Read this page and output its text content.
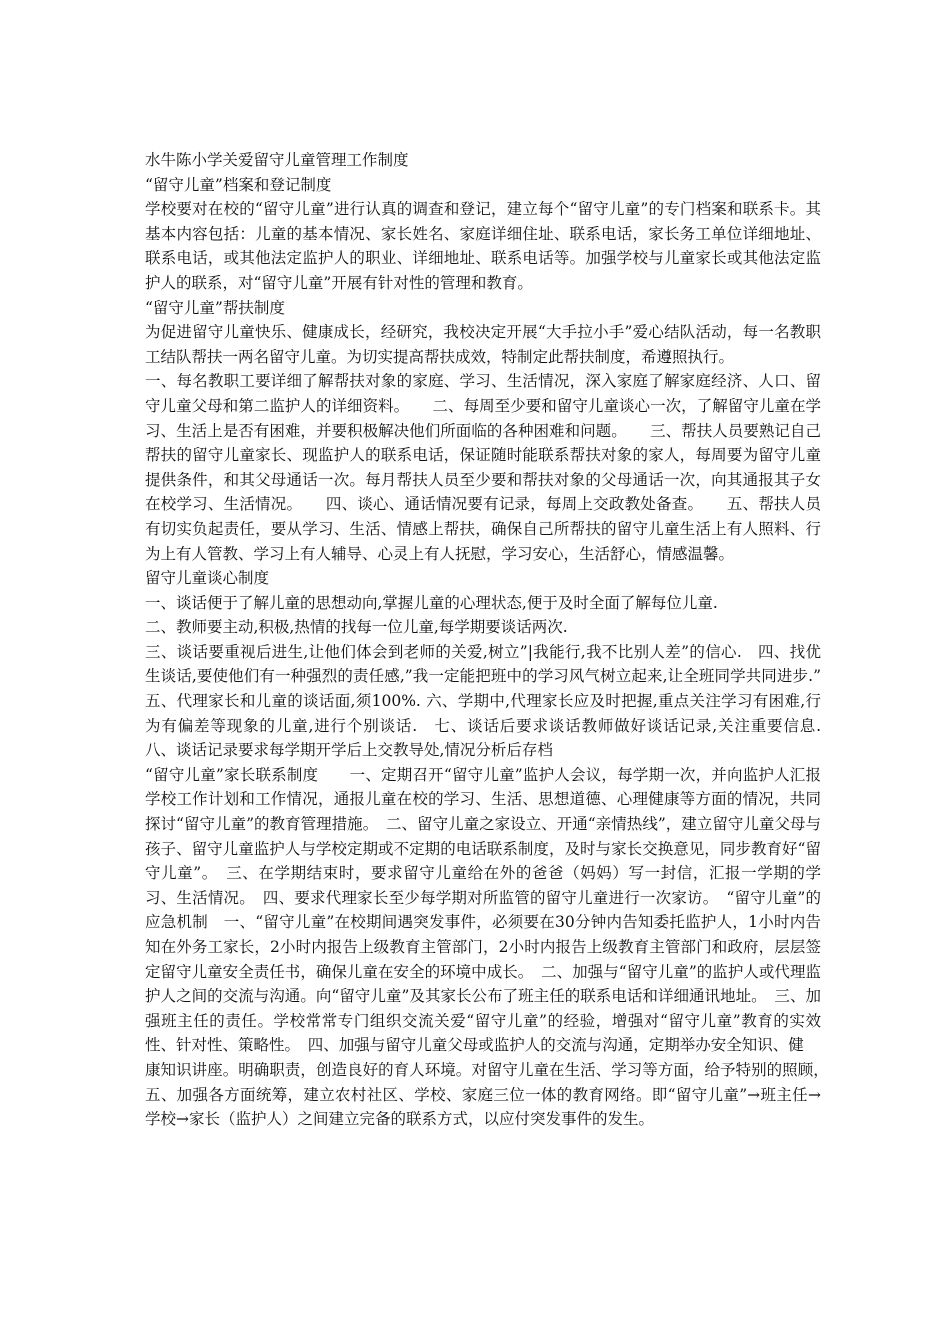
水牛陈小学关爱留守儿童管理工作制度

“留守儿童”档案和登记制度

学校要对在校的“留守儿童”进行认真的调查和登记，建立每个“留守儿童”的专门档案和联系卡。其基本内容包括：儿童的基本情况、家长姓名、家庭详细住址、联系电话，家长务工单位详细地址、联系电话，或其他法定监护人的职业、详细地址、联系电话等。加强学校与儿童家长或其他法定监护人的联系，对“留守儿童”开展有针对性的管理和教育。

“留守儿童”帮扶制度

为促进留守儿童快乐、健康成长，经研究，我校决定开展“大手拉小手”爱心结队活动，每一名教职工结队帮扶一两名留守儿童。为切实提高帮扶成效，特制定此帮扶制度，希遵照执行。

一、每名教职工要详细了解帮扶对象的家庭、学习、生活情况，深入家庭了解家庭经济、人口、留守儿童父母和第二监护人的详细资料。　　二、每周至少要和留守儿童谈心一次，了解留守儿童在学习、生活上是否有困难，并要积极解决他们所面临的各种困难和问题。　　三、帮扶人员要熟记自己帮扶的留守儿童家长、现监护人的联系电话，保证随时能联系帮扶对象的家人，每周要为留守儿童提供条件，和其父母通话一次。每月帮扶人员至少要和帮扶对象的父母通话一次，向其通报其子女在校学习、生活情况。　　四、谈心、通话情况要有记录，每周上交政教处备查。　　五、帮扶人员有切实负起责任，要从学习、生活、情感上帮扶，确保自己所帮扶的留守儿童生活上有人照料、行为上有人管教、学习上有人辅导、心灵上有人抚慰，学习安心，生活舒心，情感温馨。

留守儿童谈心制度

一、谈话便于了解儿童的思想动向,掌握儿童的心理状态,便于及时全面了解每位儿童.

二、教师要主动,积极,热情的找每一位儿童,每学期要谈话两次.

三、谈话要重视后进生,让他们体会到老师的关爱,树立”|我能行,我不比别人差”的信心.　四、找优生谈话,要使他们有一种强烈的责任感,”我一定能把班中的学习风气树立起来,让全班同学共同进步.”　五、代理家长和儿童的谈话面,须100%. 六、学期中,代理家长应及时把握,重点关注学习有困难,行为有偏差等现象的儿童,进行个别谈话.　七、谈话后要求谈话教师做好谈话记录,关注重要信息.　八、谈话记录要求每学期开学后上交教导处,情况分析后存档

“留守儿童”家长联系制度　　一、定期召开“留守儿童”监护人会议，每学期一次，并向监护人汇报学校工作计划和工作情况，通报儿童在校的学习、生活、思想道德、心理健康等方面的情况，共同探讨“留守儿童”的教育管理措施。　二、留守儿童之家设立、开通“亲情热线”，建立留守儿童父母与孩子、留守儿童监护人与学校定期或不定期的电话联系制度，及时与家长交换意见，同步教育好“留守儿童”。　三、在学期结束时，要求留守儿童给在外的爸爸（妈妈）写一封信，汇报一学期的学习、生活情况。　四、要求代理家长至少每学期对所监管的留守儿童进行一次家访。　“留守儿童”的应急机制　一、“留守儿童”在校期间遇突发事件，必须要在30分钟内告知委托监护人，1小时内告知在外务工家长，2小时内报告上级教育主管部门，2小时内报告上级教育主管部门和政府，层层签定留守儿童安全责任书，确保儿童在安全的环境中成长。　二、加强与“留守儿童”的监护人或代理监护人之间的交流与沟通。向“留守儿童”及其家长公布了班主任的联系电话和详细通讯地址。　三、加强班主任的责任。学校常常专门组织交流关爱“留守儿童”的经验，增强对“留守儿童”教育的实效性、针对性、策略性。　四、加强与留守儿童父母或监护人的交流与沟通，定期举办安全知识、健

康知识讲座。明确职责，创造良好的育人环境。对留守儿童在生活、学习等方面，给予特别的照顾，　五、加强各方面统筹，建立农村社区、学校、家庭三位一体的教育网络。即“留守儿童”→班主任→学校→家长（监护人）之间建立完备的联系方式，以应付突发事件的发生。
